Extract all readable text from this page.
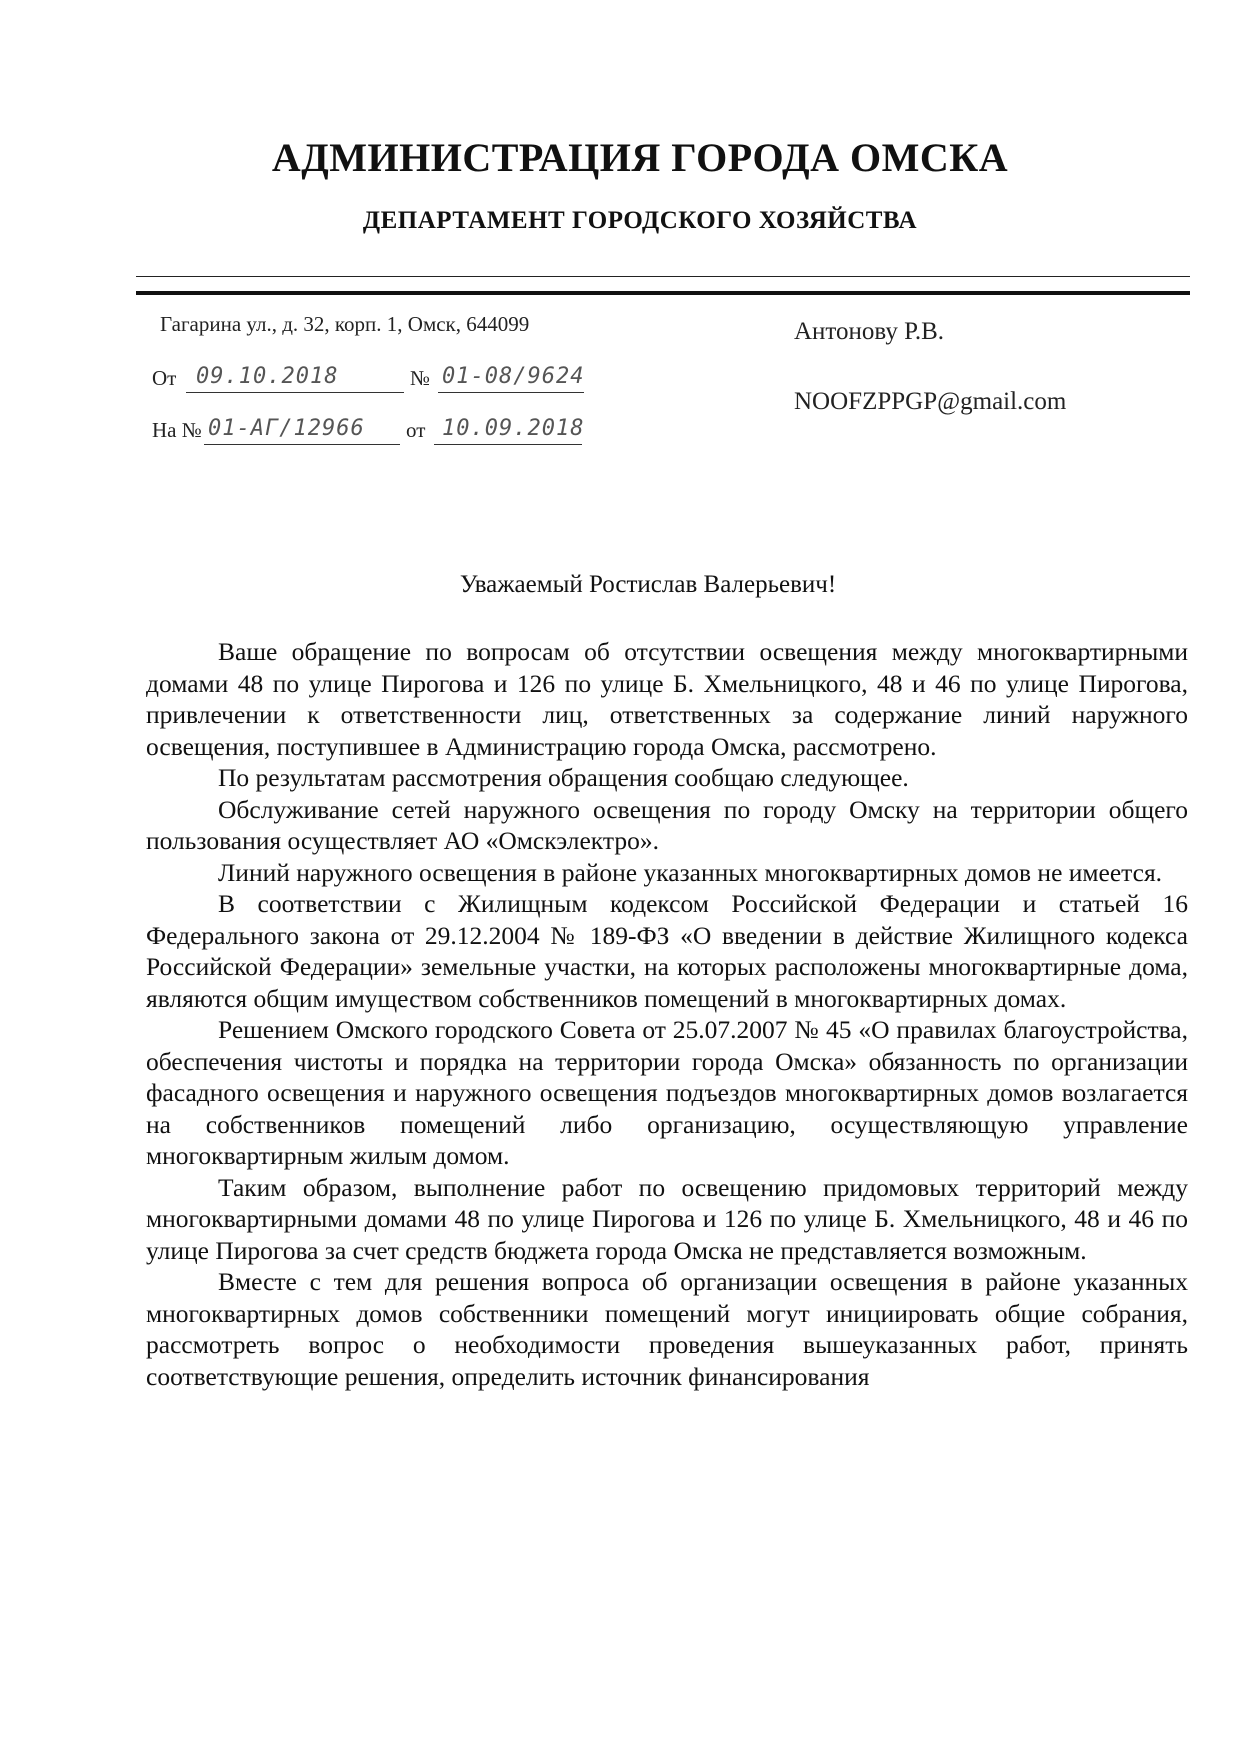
АДМИНИСТРАЦИЯ ГОРОДА ОМСКА
ДЕПАРТАМЕНТ ГОРОДСКОГО ХОЗЯЙСТВА
Гагарина ул., д. 32, корп. 1, Омск, 644099
От 09.10.2018	№ 01-08/9624
На № 01-АГ/12966 от 10.09.2018
Антонову Р.В.
NOOFZPPGP@gmail.com
Уважаемый Ростислав Валерьевич!

Ваше обращение по вопросам об отсутствии освещения между многоквартирными домами 48 по улице Пирогова и 126 по улице Б. Хмельницкого, 48 и 46 по улице Пирогова, привлечении к ответственности лиц, ответственных за содержание линий наружного освещения, поступившее в Администрацию города Омска, рассмотрено.

По результатам рассмотрения обращения сообщаю следующее.

Обслуживание сетей наружного освещения по городу Омску на территории общего пользования осуществляет АО «Омскэлектро».

Линий наружного освещения в районе указанных многоквартирных домов не имеется.

В соответствии с Жилищным кодексом Российской Федерации и статьей 16 Федерального закона от 29.12.2004 № 189-ФЗ «О введении в действие Жилищного кодекса Российской Федерации» земельные участки, на которых расположены многоквартирные дома, являются общим имуществом собственников помещений в многоквартирных домах.

Решением Омского городского Совета от 25.07.2007 № 45 «О правилах благоустройства, обеспечения чистоты и порядка на территории города Омска» обязанность по организации фасадного освещения и наружного освещения подъездов многоквартирных домов возлагается на собственников помещений либо организацию, осуществляющую управление многоквартирным жилым домом.

Таким образом, выполнение работ по освещению придомовых территорий между многоквартирными домами 48 по улице Пирогова и 126 по улице Б. Хмельницкого, 48 и 46 по улице Пирогова за счет средств бюджета города Омска не представляется возможным.

Вместе с тем для решения вопроса об организации освещения в районе указанных многоквартирных домов собственники помещений могут инициировать общие собрания, рассмотреть вопрос о необходимости проведения вышеуказанных работ, принять соответствующие решения, определить источник финансирования
